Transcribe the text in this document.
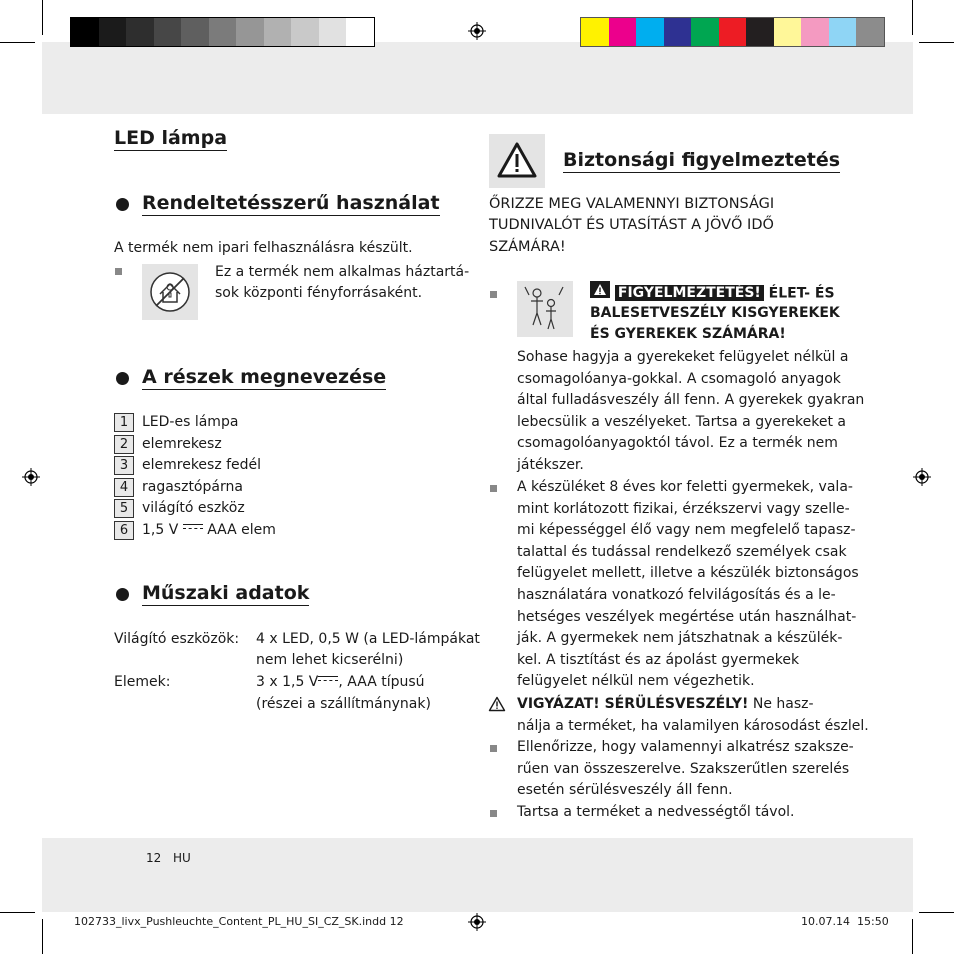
LED lámpa
Rendeltetésszerű használat
A termék nem ipari felhasználásra készült.
Ez a termék nem alkalmas háztartá-
sok központi fényforrásaként.
A részek megnevezése
1 LED-es lámpa
2 elemrekesz
3 elemrekesz fedél
4 ragasztópárna
5 világító eszköz
6 1,5 V AAA elem
Műszaki adatok
Világító eszközök: 4 x LED, 0,5 W (a LED-lámpákat
nem lehet kicserélni)
Elemek:	3 x 1,5 V , AAA típusú
(részei a szállítmánynak)
Biztonsági figyelmeztetés
ŐRIZZE MEG VALAMENNYI BIZTONSÁGI
TUDNIVALÓT ÉS UTASÍTÁST A JÖVŐ IDŐ
SZÁMÁRA!
FIGYELMEZTETÉS! ÉLET- ÉS
BALESETVESZÉLY KISGYEREKEK
ÉS GYEREKEK SZÁMÁRA!
Sohase hagyja a gyerekeket felügyelet nélkül a
csomagolóanya-gokkal. A csomagoló anyagok
által fulladásveszély áll fenn. A gyerekek gyakran
lebecsülik a veszélyeket. Tartsa a gyerekeket a
csomagolóanyagoktól távol. Ez a termék nem
játékszer.
A készüléket 8 éves kor feletti gyermekek, vala-
mint korlátozott fizikai, érzékszervi vagy szelle-
mi képességgel élő vagy nem megfelelő tapasz-
talattal és tudással rendelkező személyek csak
felügyelet mellett, illetve a készülék biztonságos
használatára vonatkozó felvilágosítás és a le-
hetséges veszélyek megértése után használhat-
ják. A gyermekek nem játszhatnak a készülék-
kel. A tisztítást és az ápolást gyermekek
felügyelet nélkül nem végezhetik.
VIGYÁZAT! SÉRÜLÉSVESZÉLY! Ne hasz-
nálja a terméket, ha valamilyen károsodást észlel.
Ellenőrizze, hogy valamennyi alkatrész szaksze-
rűen van összeszerelve. Szakszerűtlen szerelés
esetén sérülésveszély áll fenn.
Tartsa a terméket a nedvességtől távol.
12 HU
102733_livx_Pushleuchte_Content_PL_HU_SI_CZ_SK.indd 12	10.07.14 15:50
